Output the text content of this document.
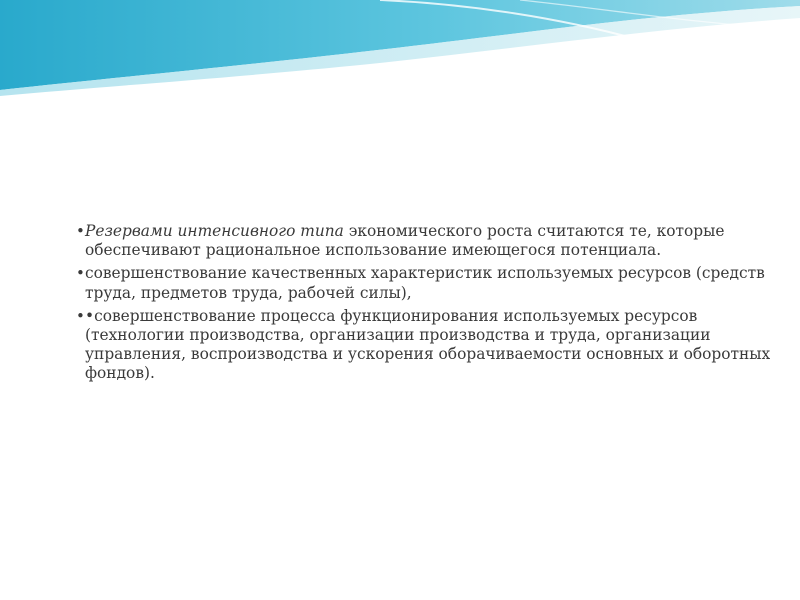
• Резервами интенсивного типа экономического роста считаются те, которые обеспечивают рациональное использование имеющегося потенциала.
• совершенствование качественных характеристик используемых ресурсов (средств труда, предметов труда, рабочей силы),
• •совершенствование процесса функционирования используемых ресурсов (технологии производства, организации производства и труда, организации управления, воспроизводства и ускорения оборачиваемости основных и оборотных фондов).
